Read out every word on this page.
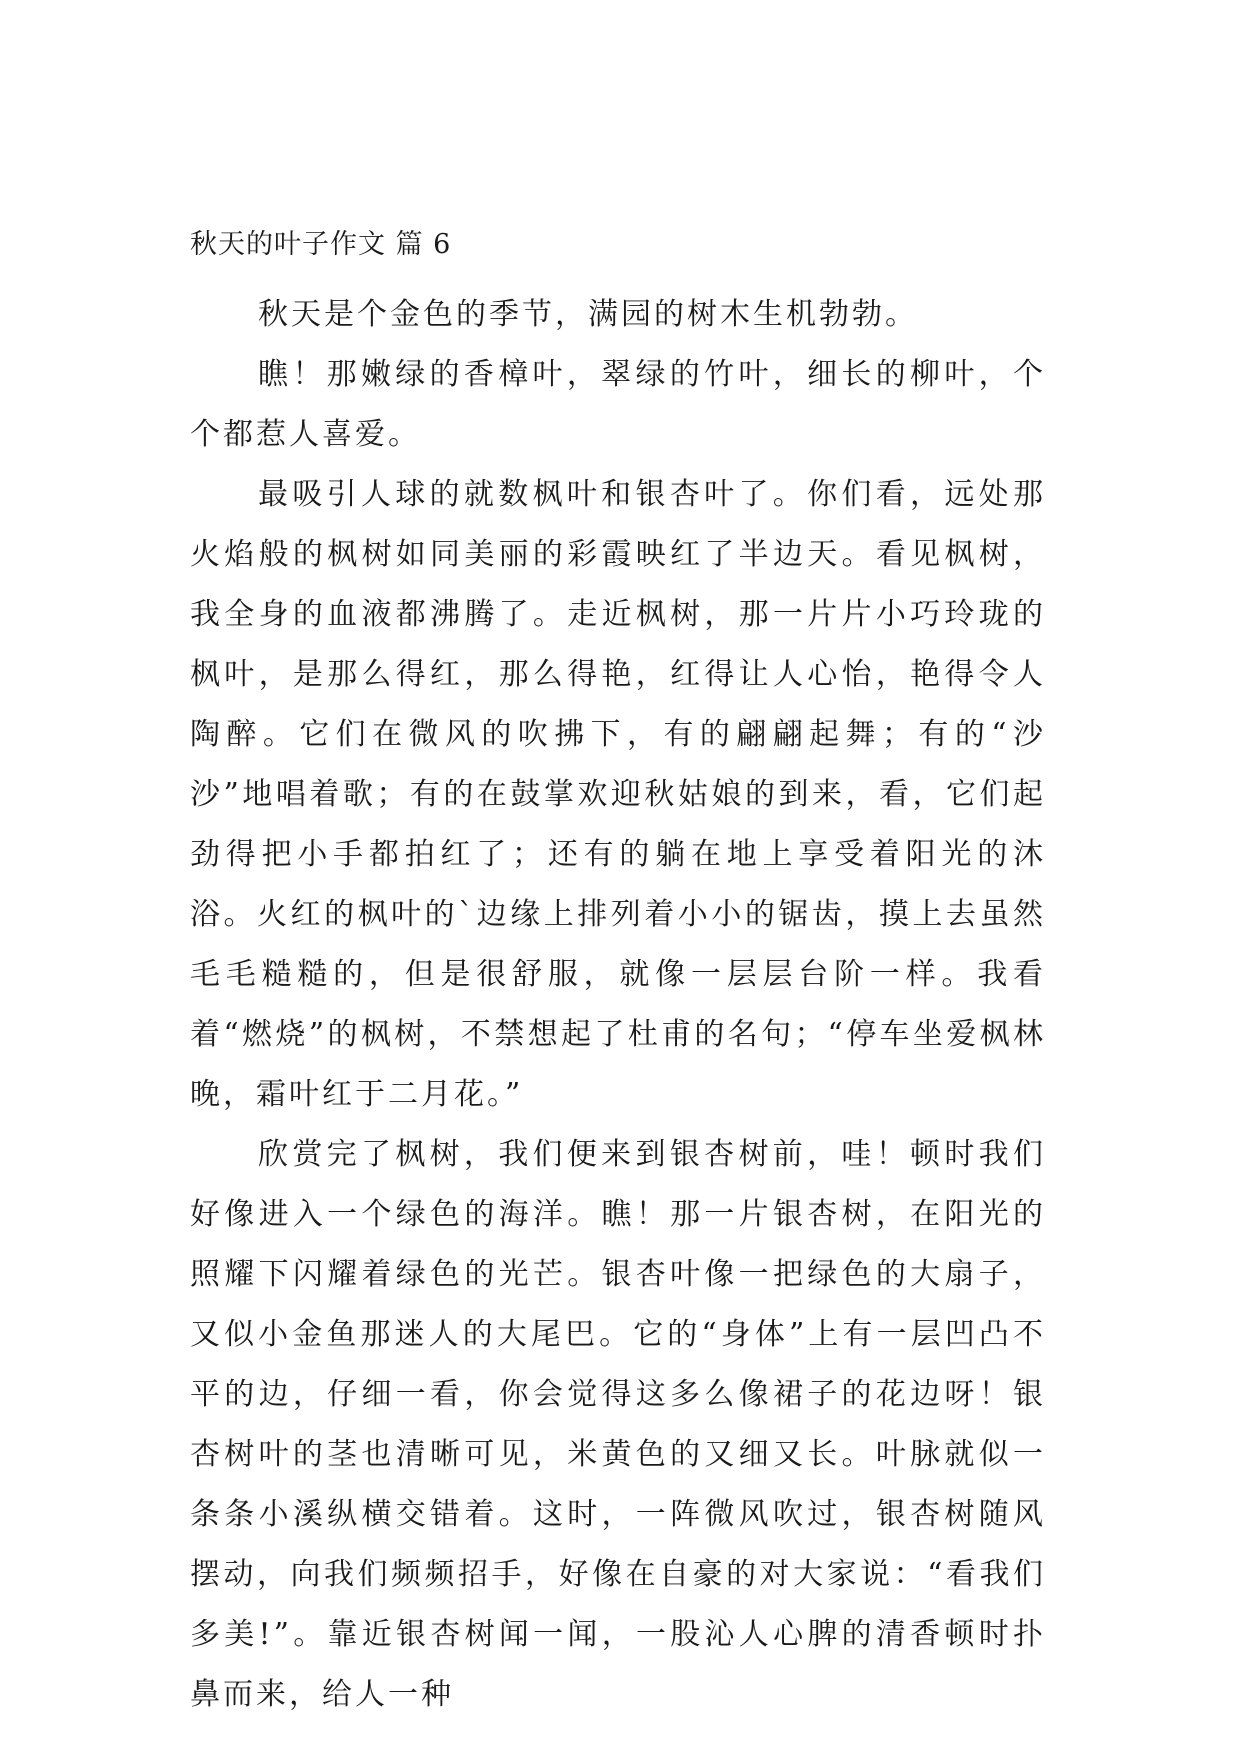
秋天的叶子作文 篇 6

秋天是个金色的季节，满园的树木生机勃勃。

瞧！那嫩绿的香樟叶，翠绿的竹叶，细长的柳叶，个个都惹人喜爱。

最吸引人球的就数枫叶和银杏叶了。你们看，远处那火焰般的枫树如同美丽的彩霞映红了半边天。看见枫树，我全身的血液都沸腾了。走近枫树，那一片片小巧玲珑的枫叶，是那么得红，那么得艳，红得让人心怡，艳得令人陶醉。它们在微风的吹拂下，有的翩翩起舞；有的“沙沙”地唱着歌；有的在鼓掌欢迎秋姑娘的到来，看，它们起劲得把小手都拍红了；还有的躺在地上享受着阳光的沐浴。火红的枫叶的`边缘上排列着小小的锯齿，摸上去虽然毛毛糙糙的，但是很舒服，就像一层层台阶一样。我看着“燃烧”的枫树，不禁想起了杜甫的名句；“停车坐爱枫林晚，霜叶红于二月花。”

欣赏完了枫树，我们便来到银杏树前，哇！顿时我们好像进入一个绿色的海洋。瞧！那一片银杏树，在阳光的照耀下闪耀着绿色的光芒。银杏叶像一把绿色的大扇子，又似小金鱼那迷人的大尾巴。它的“身体”上有一层凹凸不平的边，仔细一看，你会觉得这多么像裙子的花边呀！银杏树叶的茎也清晰可见，米黄色的又细又长。叶脉就似一条条小溪纵横交错着。这时，一阵微风吹过，银杏树随风摆动，向我们频频招手，好像在自豪的对大家说：“看我们多美!”。靠近银杏树闻一闻，一股沁人心脾的清香顿时扑鼻而来，给人一种
